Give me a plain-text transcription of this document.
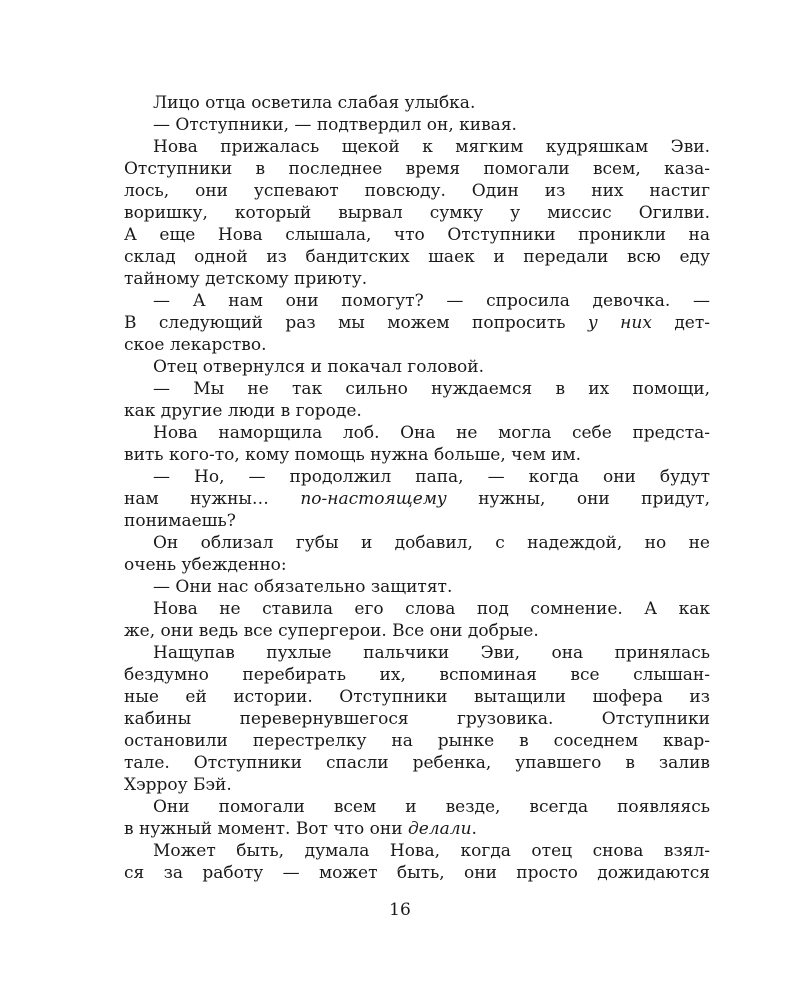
Лицо отца осветила слабая улыбка.
— Отступники, — подтвердил он, кивая.
Нова прижалась щекой к мягким кудряшкам Эви.
Отступники в последнее время помогали всем, каза-
лось, они успевают повсюду. Один из них настиг
воришку, который вырвал сумку у миссис Огилви.
А еще Нова слышала, что Отступники проникли на
склад одной из бандитских шаек и передали всю еду
тайному детскому приюту.
— А нам они помогут? — спросила девочка. —
В следующий раз мы можем попросить у них дет-
ское лекарство.
Отец отвернулся и покачал головой.
— Мы не так сильно нуждаемся в их помощи,
как другие люди в городе.
Нова наморщила лоб. Она не могла себе предста-
вить кого-то, кому помощь нужна больше, чем им.
— Но, — продолжил папа, — когда они будут
нам нужны… по-настоящему нужны, они придут,
понимаешь?
Он облизал губы и добавил, с надеждой, но не
очень убежденно:
— Они нас обязательно защитят.
Нова не ставила его слова под сомнение. А как
же, они ведь все супергерои. Все они добрые.
Нащупав пухлые пальчики Эви, она принялась
бездумно перебирать их, вспоминая все слышан-
ные ей истории. Отступники вытащили шофера из
кабины перевернувшегося грузовика. Отступники
остановили перестрелку на рынке в соседнем квар-
тале. Отступники спасли ребенка, упавшего в залив
Хэрроу Бэй.
Они помогали всем и везде, всегда появляясь
в нужный момент. Вот что они делали.
Может быть, думала Нова, когда отец снова взял-
ся за работу — может быть, они просто дожидаются
16
